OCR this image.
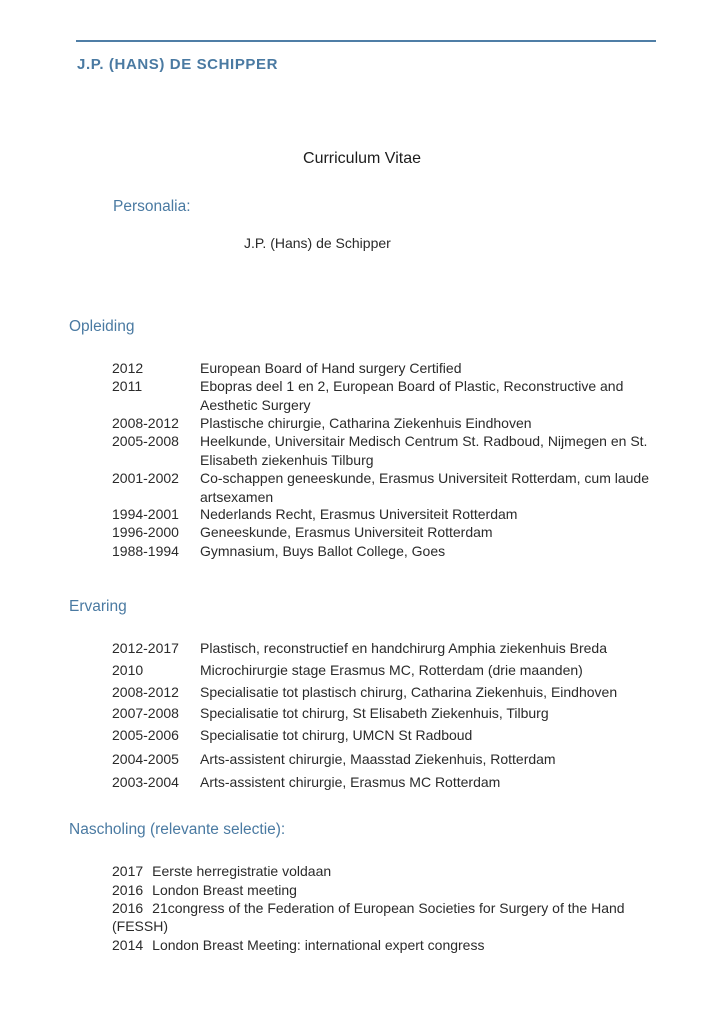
J.P. (HANS) DE SCHIPPER
Curriculum Vitae
Personalia:
J.P. (Hans) de Schipper
Opleiding
2012	European Board of Hand surgery Certified
2011	Ebopras deel 1 en 2, European Board of Plastic, Reconstructive and Aesthetic Surgery
2008-2012	Plastische chirurgie, Catharina Ziekenhuis Eindhoven
2005-2008	Heelkunde, Universitair Medisch Centrum St. Radboud, Nijmegen en St. Elisabeth ziekenhuis Tilburg
2001-2002	Co-schappen geneeskunde, Erasmus Universiteit Rotterdam, cum laude artsexamen
1994-2001	Nederlands Recht, Erasmus Universiteit Rotterdam
1996-2000	Geneeskunde, Erasmus Universiteit Rotterdam
1988-1994	Gymnasium, Buys Ballot College, Goes
Ervaring
2012-2017	Plastisch, reconstructief en handchirurg Amphia ziekenhuis Breda
2010	Microchirurgie stage Erasmus MC, Rotterdam (drie maanden)
2008-2012	Specialisatie tot plastisch chirurg, Catharina Ziekenhuis, Eindhoven
2007-2008	Specialisatie tot chirurg, St Elisabeth Ziekenhuis, Tilburg
2005-2006	Specialisatie tot chirurg, UMCN St Radboud
2004-2005	Arts-assistent chirurgie, Maasstad Ziekenhuis, Rotterdam
2003-2004	Arts-assistent chirurgie, Erasmus MC Rotterdam
Nascholing (relevante selectie):
2017 Eerste herregistratie voldaan
2016 London Breast meeting
2016 21congress of the Federation of European Societies for Surgery of the Hand (FESSH)
2014 London Breast Meeting: international expert congress
